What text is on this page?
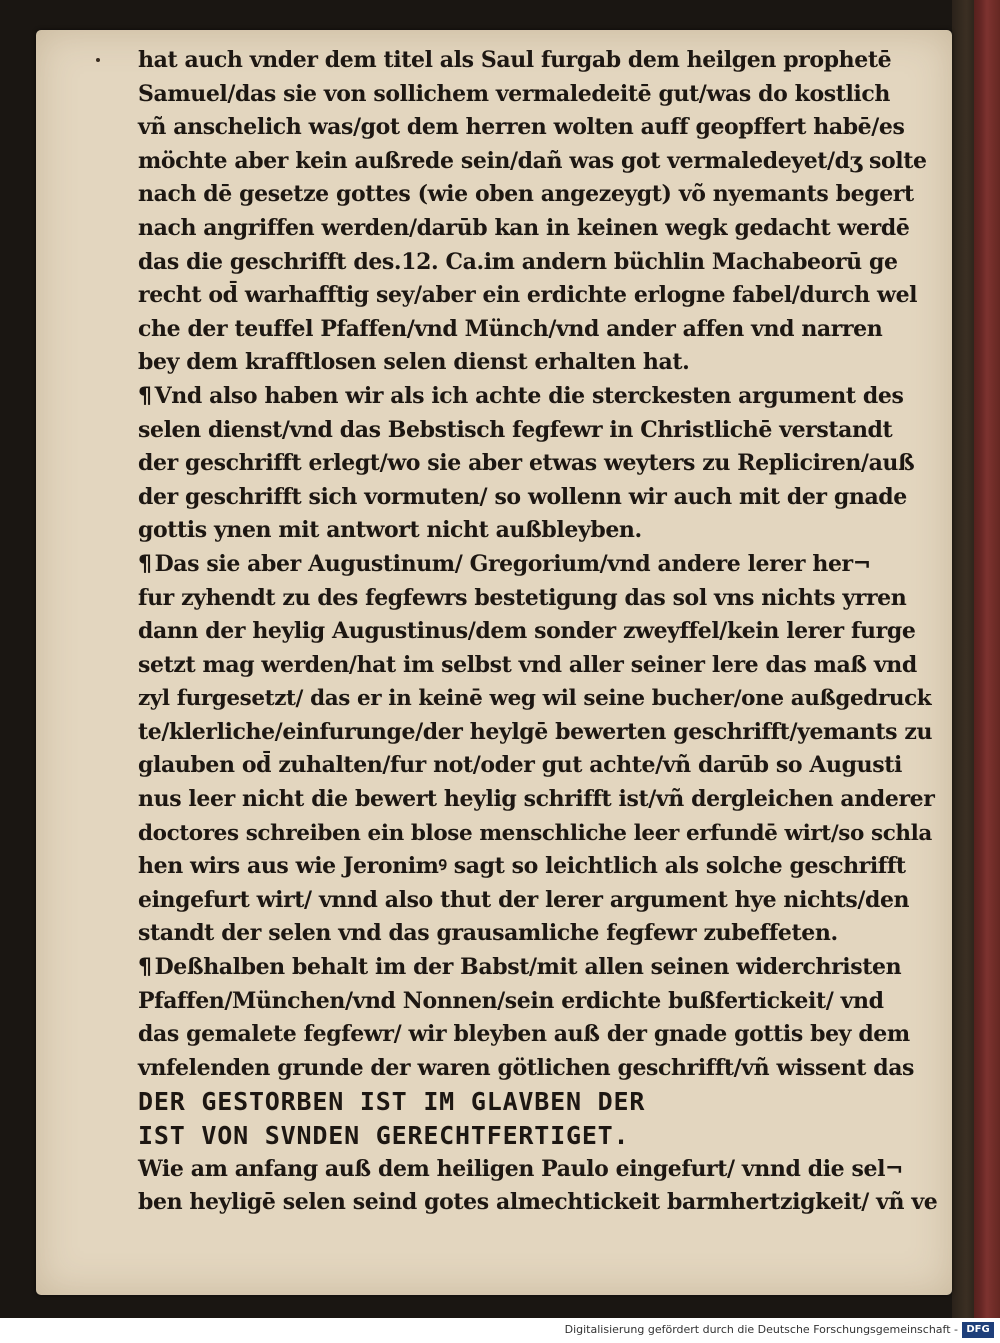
hat auch vnder dem titel als Saul furgab dem heilgen prophetē
Samuel/das sie von sollichem vermaledeitē gut/was do kostlich
vñ anschelich was/got dem herren wolten auff geopffert habē/es
möchte aber kein außrede sein/dañ was got vermaledeyet/dʒ solte
nach dē gesetze gottes (wie oben angezeygt) võ nyemants begert
nach angriffen werden/darūb kan in keinen wegk gedacht werdē
das die geschrifft des.12. Ca.im andern büchlin Machabeorū ge
recht od̄ warhafftig sey/aber ein erdichte erlogne fabel/durch wel
che der teuffel Pfaffen/vnd Münch/vnd ander affen vnd narren
bey dem krafftlosen selen dienst erhalten hat.
¶ Vnd also haben wir als ich achte die sterckesten argument des
selen dienst/vnd das Bebstisch fegfewr in Christlichē verstandt
der geschrifft erlegt/wo sie aber etwas weyters zu Repliciren/auß
der geschrifft sich vormuten/ so wollenn wir auch mit der gnade
gottis ynen mit antwort nicht außbleyben.
¶ Das sie aber Augustinum/ Gregorium/vnd andere lerer her¬
fur zyhendt zu des fegfewrs bestetigung das sol vns nichts yrren
dann der heylig Augustinus/dem sonder zweyffel/kein lerer furge
setzt mag werden/hat im selbst vnd aller seiner lere das maß vnd
zyl furgesetzt/ das er in keinē weg wil seine bucher/one außgedruck
te/klerliche/einfurunge/der heylgē bewerten geschrifft/yemants zu
glauben od̄ zuhalten/fur not/oder gut achte/vñ darūb so Augusti
nus leer nicht die bewert heylig schrifft ist/vñ dergleichen anderer
doctores schreiben ein blose menschliche leer erfundē wirt/so schla
hen wirs aus wie Jeronimꝰ sagt so leichtlich als solche geschrifft
eingefurt wirt/ vnnd also thut der lerer argument hye nichts/den
standt der selen vnd das grausamliche fegfewr zubeffeten.
¶ Deßhalben behalt im der Babst/mit allen seinen widerchristen
Pfaffen/München/vnd Nonnen/sein erdichte bußfertickeit/ vnd
das gemalete fegfewr/ wir bleyben auß der gnade gottis bey dem
vnfelenden grunde der waren götlichen geschrifft/vñ wissent das
DER GESTORBEN IST IM GLAVBEN DER
IST VON SVNDEN GERECHTFERTIGET.
Wie am anfang auß dem heiligen Paulo eingefurt/ vnnd die sel¬
ben heyligē selen seind gotes almechtickeit barmhertzigkeit/ vñ ve
Digitalisierung gefördert durch die Deutsche Forschungsgemeinschaft - DFG
